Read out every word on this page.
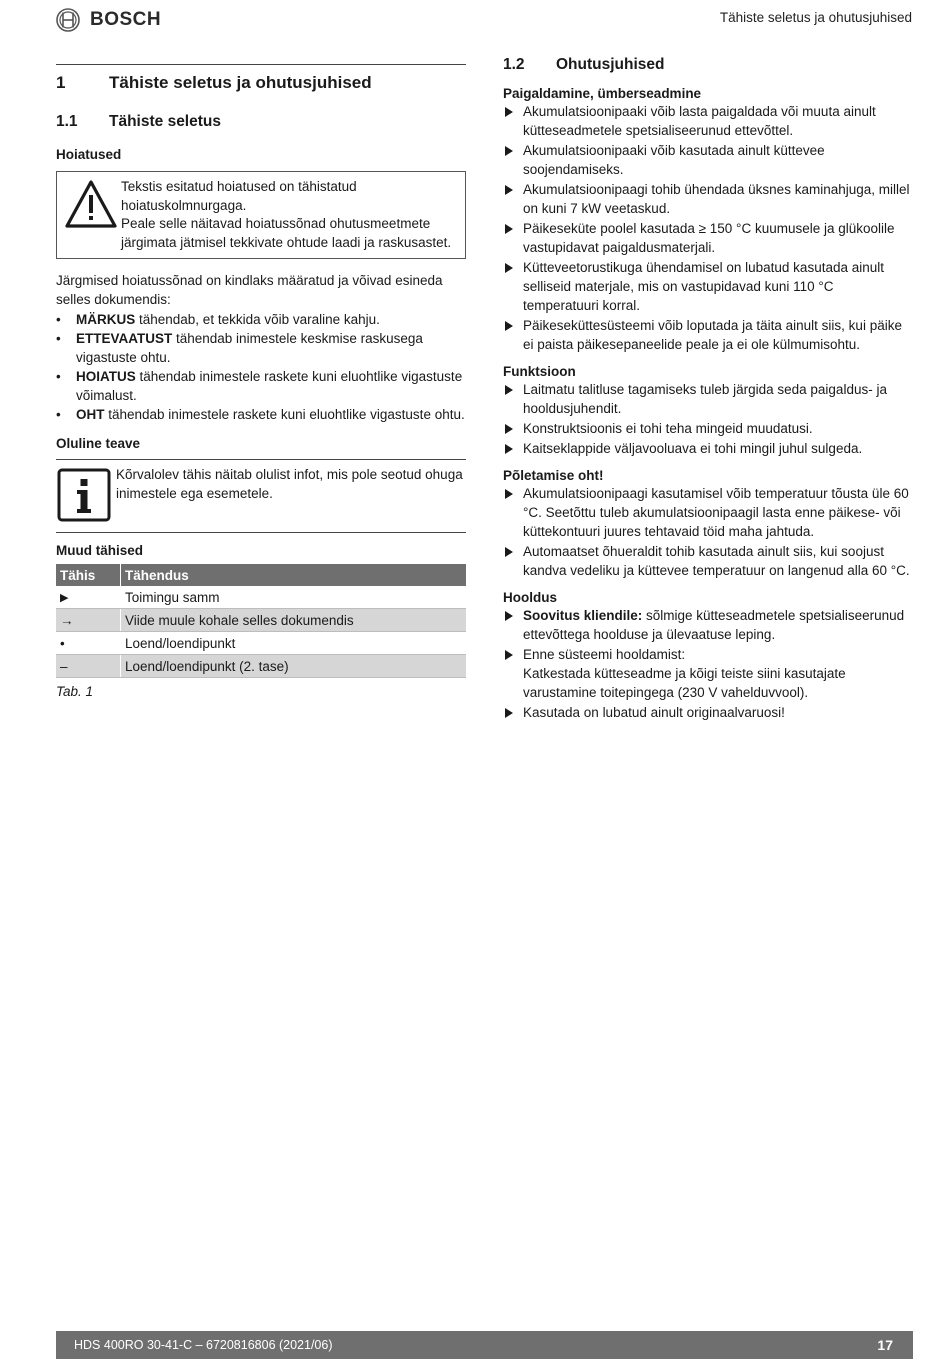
BOSCH	Tähiste seletus ja ohutusjuhised
1	Tähiste seletus ja ohutusjuhised
1.1	Tähiste seletus
Hoiatused
Tekstis esitatud hoiatused on tähistatud hoiatuskolmnurgaga.
Peale selle näitavad hoiatussõnad ohutusmeetmete järgimata jätmisel tekkivate ohtude laadi ja raskusastet.

Järgmised hoiatussõnad on kindlaks määratud ja võivad esineda selles dokumendis:

• MÄRKUS tähendab, et tekkida võib varaline kahju.
• ETTEVAATUST tähendab inimestele keskmise raskusega vigastuste ohtu.
• HOIATUS tähendab inimestele raskete kuni eluohtlike vigastuste võimalust.
• OHT tähendab inimestele raskete kuni eluohtlike vigastuste ohtu.
Oluline teave
Kõrvalolev tähis näitab olulist infot, mis pole seotud ohuga inimestele ega esemetele.
Muud tähised
Tähis	Tähendus
▶	Toimingu samm
→	Viide muule kohale selles dokumendis
•	Loend/loendipunkt
–	Loend/loendipunkt (2. tase)
Tab. 1
1.2	Ohutusjuhised
Paigaldamine, ümberseadmine
Akumulatsioonipaaki võib lasta paigaldada või muuta ainult kütteseadmetele spetsialiseerunud ettevõttel.
Akumulatsioonipaaki võib kasutada ainult küttevee soojendamiseks.
Akumulatsioonipaagi tohib ühendada üksnes kaminahjuga, millel on kuni 7 kW veetaskud.
Päikeseküte poolel kasutada ≥ 150 °C kuumusele ja glükoolile vastupidavat paigaldusmaterjali.
Kütteveetorustikuga ühendamisel on lubatud kasutada ainult selliseid materjale, mis on vastupidavad kuni 110 °C temperatuuri korral.
Päikeseküttesüsteemi võib loputada ja täita ainult siis, kui päike ei paista päikesepaneelide peale ja ei ole külmumisohtu.
Funktsioon
Laitmatu talitluse tagamiseks tuleb järgida seda paigaldus- ja hooldusjuhendit.
Konstruktsioonis ei tohi teha mingeid muudatusi.
Kaitseklappide väljavooluava ei tohi mingil juhul sulgeda.
Põletamise oht!
Akumulatsioonipaagi kasutamisel võib temperatuur tõusta üle 60 °C. Seetõttu tuleb akumulatsioonipaagil lasta enne päikese- või küttekontuuri juures tehtavaid töid maha jahtuda.
Automaatset õhueraldit tohib kasutada ainult siis, kui soojust kandva vedeliku ja küttevee temperatuur on langenud alla 60 °C.
Hooldus
Soovitus kliendile: sõlmige kütteseadmetele spetsialiseerunud ettevõttega hoolduse ja ülevaatuse leping.
Enne süsteemi hooldamist:
Katkestada kütteseadme ja kõigi teiste siini kasutajate varustamine toitepingega (230 V vahelduvvool).
Kasutada on lubatud ainult originaalvaruosi!
HDS 400RO 30-41-C – 6720816806 (2021/06)	17
